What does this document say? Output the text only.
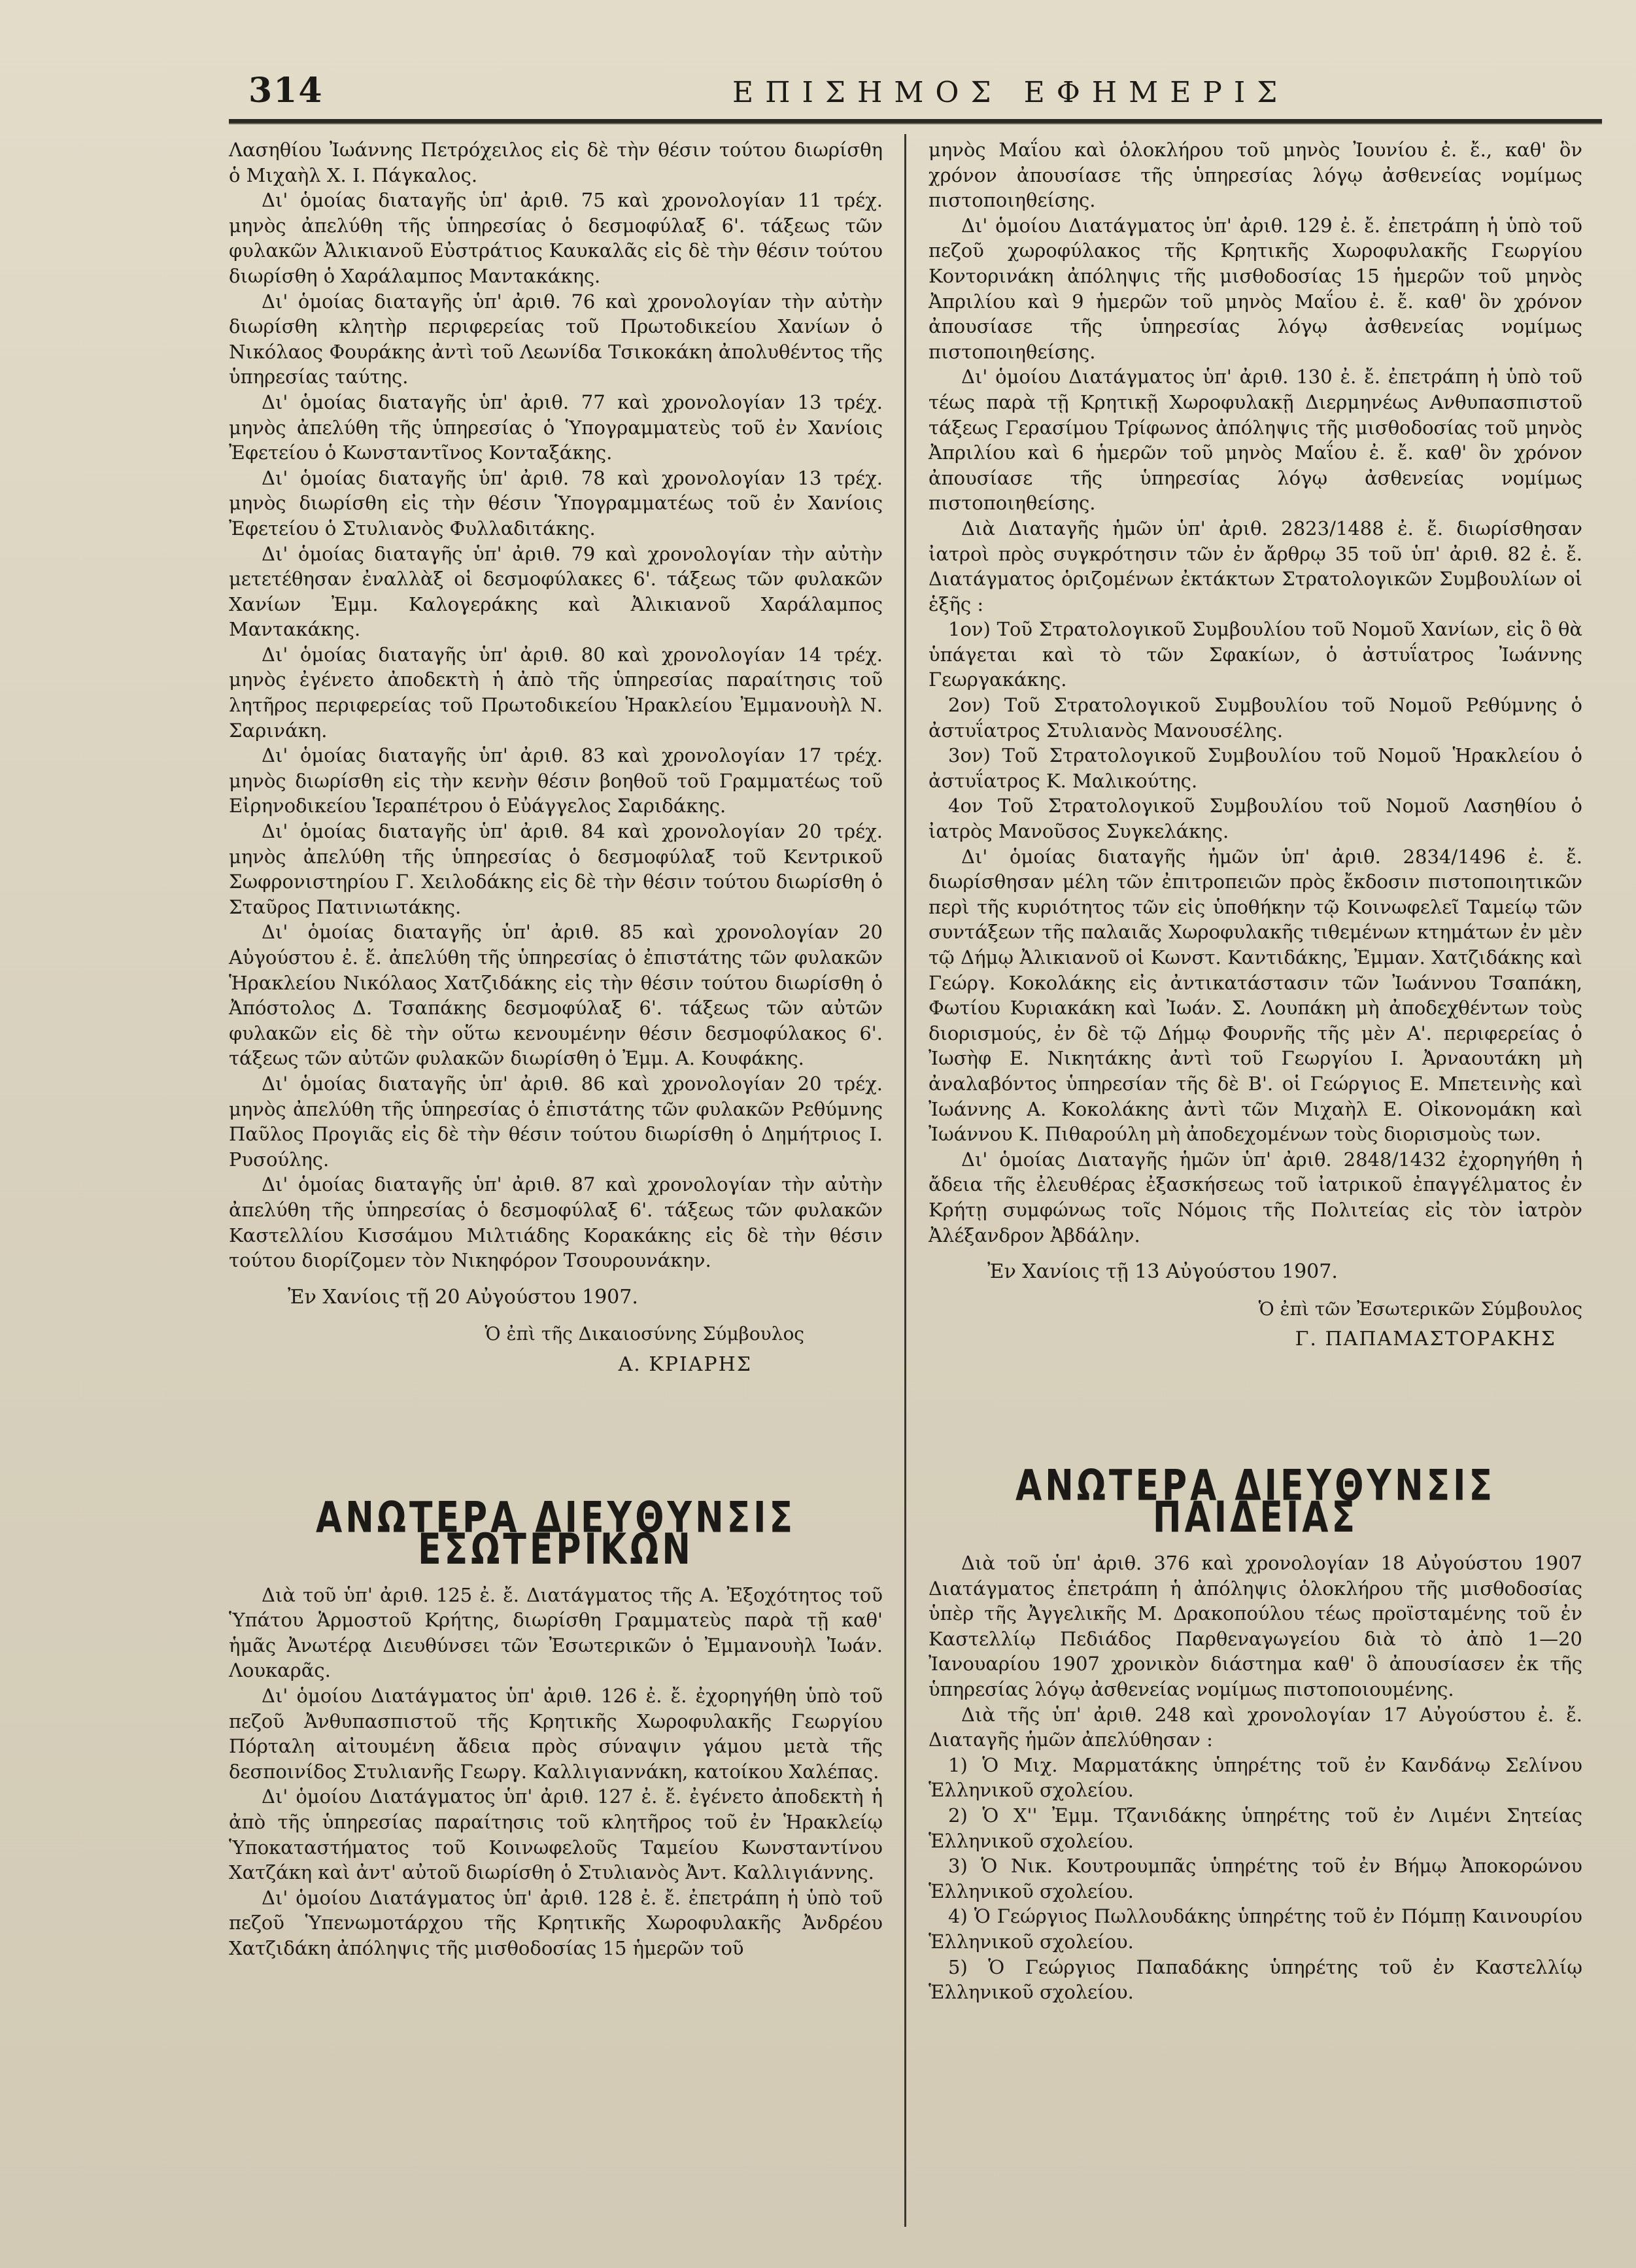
314	ΕΠΙΣΗΜΟΣ ΕΦΗΜΕΡΙΣ

Λασηθίου Ἰωάννης Πετρόχειλος εἰς δὲ τὴν θέσιν τούτου διωρίσθη ὁ Μιχαὴλ Χ. Ι. Πάγκαλος.

Δι' ὁμοίας διαταγῆς ὑπ' ἀριθ. 75 καὶ χρονολογίαν 11 τρέχ. μηνὸς ἀπελύθη τῆς ὑπηρεσίας ὁ δεσμοφύλαξ 6'. τάξεως τῶν φυλακῶν Ἀλικιανοῦ Εὐστράτιος Καυκαλᾶς εἰς δὲ τὴν θέσιν τούτου διωρίσθη ὁ Χαράλαμπος Μαντακάκης.

Δι' ὁμοίας διαταγῆς ὑπ' ἀριθ. 76 καὶ χρονολογίαν τὴν αὐτὴν διωρίσθη κλητὴρ περιφερείας τοῦ Πρωτοδικείου Χανίων ὁ Νικόλαος Φουράκης ἀντὶ τοῦ Λεωνίδα Τσικοκάκη ἀπολυθέντος τῆς ὑπηρεσίας ταύτης.

Δι' ὁμοίας διαταγῆς ὑπ' ἀριθ. 77 καὶ χρονολογίαν 13 τρέχ. μηνὸς ἀπελύθη τῆς ὑπηρεσίας ὁ Ὑπογραμματεὺς τοῦ ἐν Χανίοις Ἐφετείου ὁ Κωνσταντῖνος Κονταξάκης.

Δι' ὁμοίας διαταγῆς ὑπ' ἀριθ. 78 καὶ χρονολογίαν 13 τρέχ. μηνὸς διωρίσθη εἰς τὴν θέσιν Ὑπογραμματέως τοῦ ἐν Χανίοις Ἐφετείου ὁ Στυλιανὸς Φυλλαδιτάκης.

Δι' ὁμοίας διαταγῆς ὑπ' ἀριθ. 79 καὶ χρονολογίαν τὴν αὐτὴν μετετέθησαν ἐναλλὰξ οἱ δεσμοφύλακες 6'. τάξεως τῶν φυλακῶν Χανίων Ἐμμ. Καλογεράκης καὶ Ἀλικιανοῦ Χαράλαμπος Μαντακάκης.

Δι' ὁμοίας διαταγῆς ὑπ' ἀριθ. 80 καὶ χρονολογίαν 14 τρέχ. μηνὸς ἐγένετο ἀποδεκτὴ ἡ ἀπὸ τῆς ὑπηρεσίας παραίτησις τοῦ λητῆρος περιφερείας τοῦ Πρωτοδικείου Ἡρακλείου Ἐμμανουὴλ Ν. Σαρινάκη.

Δι' ὁμοίας διαταγῆς ὑπ' ἀριθ. 83 καὶ χρονολογίαν 17 τρέχ. μηνὸς διωρίσθη εἰς τὴν κενὴν θέσιν βοηθοῦ τοῦ Γραμματέως τοῦ Εἰρηνοδικείου Ἱεραπέτρου ὁ Εὐάγγελος Σαριδάκης.

Δι' ὁμοίας διαταγῆς ὑπ' ἀριθ. 84 καὶ χρονολογίαν 20 τρέχ. μηνὸς ἀπελύθη τῆς ὑπηρεσίας ὁ δεσμοφύλαξ τοῦ Κεντρικοῦ Σωφρονιστηρίου Γ. Χειλοδάκης εἰς δὲ τὴν θέσιν τούτου διωρίσθη ὁ Σταῦρος Πατινιωτάκης.

Δι' ὁμοίας διαταγῆς ὑπ' ἀριθ. 85 καὶ χρονολογίαν 20 Αὐγούστου ἐ. ἔ. ἀπελύθη τῆς ὑπηρεσίας ὁ ἐπιστάτης τῶν φυλακῶν Ἡρακλείου Νικόλαος Χατζιδάκης εἰς τὴν θέσιν τούτου διωρίσθη ὁ Ἀπόστολος Δ. Τσαπάκης δεσμοφύλαξ 6'. τάξεως τῶν αὐτῶν φυλακῶν εἰς δὲ τὴν οὕτω κενουμένην θέσιν δεσμοφύλακος 6'. τάξεως τῶν αὐτῶν φυλακῶν διωρίσθη ὁ Ἐμμ. Α. Κουφάκης.

Δι' ὁμοίας διαταγῆς ὑπ' ἀριθ. 86 καὶ χρονολογίαν 20 τρέχ. μηνὸς ἀπελύθη τῆς ὑπηρεσίας ὁ ἐπιστάτης τῶν φυλακῶν Ρεθύμνης Παῦλος Προγιᾶς εἰς δὲ τὴν θέσιν τούτου διωρίσθη ὁ Δημήτριος Ι. Ρυσούλης.

Δι' ὁμοίας διαταγῆς ὑπ' ἀριθ. 87 καὶ χρονολογίαν τὴν αὐτὴν ἀπελύθη τῆς ὑπηρεσίας ὁ δεσμοφύλαξ 6'. τάξεως τῶν φυλακῶν Καστελλίου Κισσάμου Μιλτιάδης Κορακάκης εἰς δὲ τὴν θέσιν τούτου διορίζομεν τὸν Νικηφόρον Τσουρουνάκην.

Ἐν Χανίοις τῇ 20 Αὐγούστου 1907.

Ὁ ἐπὶ τῆς Δικαιοσύνης Σύμβουλος

Α. ΚΡΙΑΡΗΣ

ΑΝΩΤΕΡΑ ΔΙΕΥΘΥΝΣΙΣ ΕΣΩΤΕΡΙΚΩΝ

Διὰ τοῦ ὑπ' ἀριθ. 125 ἐ. ἔ. Διατάγματος τῆς Α. Ἐξοχότητος τοῦ Ὑπάτου Ἁρμοστοῦ Κρήτης, διωρίσθη Γραμματεὺς παρὰ τῇ καθ' ἡμᾶς Ἀνωτέρᾳ Διευθύνσει τῶν Ἐσωτερικῶν ὁ Ἐμμανουὴλ Ἰωάν. Λουκαρᾶς.

Δι' ὁμοίου Διατάγματος ὑπ' ἀριθ. 126 ἐ. ἔ. ἐχορηγήθη ὑπὸ τοῦ πεζοῦ Ἀνθυπασπιστοῦ τῆς Κρητικῆς Χωροφυλακῆς Γεωργίου Πόρταλη αἰτουμένη ἄδεια πρὸς σύναψιν γάμου μετὰ τῆς δεσποινίδος Στυλιανῆς Γεωργ. Καλλιγιαννάκη, κατοίκου Χαλέπας.

Δι' ὁμοίου Διατάγματος ὑπ' ἀριθ. 127 ἐ. ἔ. ἐγένετο ἀποδεκτὴ ἡ ἀπὸ τῆς ὑπηρεσίας παραίτησις τοῦ κλητῆρος τοῦ ἐν Ἡρακλείῳ Ὑποκαταστήματος τοῦ Κοινωφελοῦς Ταμείου Κωνσταντίνου Χατζάκη καὶ ἀντ' αὐτοῦ διωρίσθη ὁ Στυλιανὸς Ἀντ. Καλλιγιάννης.

Δι' ὁμοίου Διατάγματος ὑπ' ἀριθ. 128 ἐ. ἔ. ἐπετράπη ἡ ὑπὸ τοῦ πεζοῦ Ὑπενωμοτάρχου τῆς Κρητικῆς Χωροφυλακῆς Ἀνδρέου Χατζιδάκη ἀπόληψις τῆς μισθοδοσίας 15 ἡμερῶν τοῦ

μηνὸς Μαΐου καὶ ὁλοκλήρου τοῦ μηνὸς Ἰουνίου ἐ. ἔ., καθ' ὃν χρόνον ἀπουσίασε τῆς ὑπηρεσίας λόγῳ ἀσθενείας νομίμως πιστοποιηθείσης.

Δι' ὁμοίου Διατάγματος ὑπ' ἀριθ. 129 ἐ. ἔ. ἐπετράπη ἡ ὑπὸ τοῦ πεζοῦ χωροφύλακος τῆς Κρητικῆς Χωροφυλακῆς Γεωργίου Κοντορινάκη ἀπόληψις τῆς μισθοδοσίας 15 ἡμερῶν τοῦ μηνὸς Ἀπριλίου καὶ 9 ἡμερῶν τοῦ μηνὸς Μαΐου ἐ. ἔ. καθ' ὃν χρόνον ἀπουσίασε τῆς ὑπηρεσίας λόγῳ ἀσθενείας νομίμως πιστοποιηθείσης.

Δι' ὁμοίου Διατάγματος ὑπ' ἀριθ. 130 ἐ. ἔ. ἐπετράπη ἡ ὑπὸ τοῦ τέως παρὰ τῇ Κρητικῇ Χωροφυλακῇ Διερμηνέως Ανθυπασπιστοῦ τάξεως Γερασίμου Τρίφωνος ἀπόληψις τῆς μισθοδοσίας τοῦ μηνὸς Ἀπριλίου καὶ 6 ἡμερῶν τοῦ μηνὸς Μαΐου ἐ. ἔ. καθ' ὃν χρόνον ἀπουσίασε τῆς ὑπηρεσίας λόγῳ ἀσθενείας νομίμως πιστοποιηθείσης.

Διὰ Διαταγῆς ἡμῶν ὑπ' ἀριθ. 2823/1488 ἐ. ἔ. διωρίσθησαν ἰατροὶ πρὸς συγκρότησιν τῶν ἐν ἄρθρῳ 35 τοῦ ὑπ' ἀριθ. 82 ἐ. ἔ. Διατάγματος ὁριζομένων ἐκτάκτων Στρατολογικῶν Συμβουλίων οἱ ἑξῆς :

1ον) Τοῦ Στρατολογικοῦ Συμβουλίου τοῦ Νομοῦ Χανίων, εἰς ὃ θὰ ὑπάγεται καὶ τὸ τῶν Σφακίων, ὁ ἀστυΐατρος Ἰωάννης Γεωργακάκης.

2ον) Τοῦ Στρατολογικοῦ Συμβουλίου τοῦ Νομοῦ Ρεθύμνης ὁ ἀστυΐατρος Στυλιανὸς Μανουσέλης.

3ον) Τοῦ Στρατολογικοῦ Συμβουλίου τοῦ Νομοῦ Ἡρακλείου ὁ ἀστυΐατρος Κ. Μαλικούτης.

4ον Τοῦ Στρατολογικοῦ Συμβουλίου τοῦ Νομοῦ Λασηθίου ὁ ἰατρὸς Μανοῦσος Συγκελάκης.

Δι' ὁμοίας διαταγῆς ἡμῶν ὑπ' ἀριθ. 2834/1496 ἐ. ἔ. διωρίσθησαν μέλη τῶν ἐπιτροπειῶν πρὸς ἔκδοσιν πιστοποιητικῶν περὶ τῆς κυριότητος τῶν εἰς ὑποθήκην τῷ Κοινωφελεῖ Ταμείῳ τῶν συντάξεων τῆς παλαιᾶς Χωροφυλακῆς τιθεμένων κτημάτων ἐν μὲν τῷ Δήμῳ Ἀλικιανοῦ οἱ Κωνστ. Καντιδάκης, Ἐμμαν. Χατζιδάκης καὶ Γεώργ. Κοκολάκης εἰς ἀντικατάστασιν τῶν Ἰωάννου Τσαπάκη, Φωτίου Κυριακάκη καὶ Ἰωάν. Σ. Λουπάκη μὴ ἀποδεχθέντων τοὺς διορισμούς, ἐν δὲ τῷ Δήμῳ Φουρνῆς τῆς μὲν Α'. περιφερείας ὁ Ἰωσὴφ Ε. Νικητάκης ἀντὶ τοῦ Γεωργίου Ι. Ἀρναουτάκη μὴ ἀναλαβόντος ὑπηρεσίαν τῆς δὲ Β'. οἱ Γεώργιος Ε. Μπετεινὴς καὶ Ἰωάννης Α. Κοκολάκης ἀντὶ τῶν Μιχαὴλ Ε. Οἰκονομάκη καὶ Ἰωάννου Κ. Πιθαρούλη μὴ ἀποδεχομένων τοὺς διορισμοὺς των.

Δι' ὁμοίας Διαταγῆς ἡμῶν ὑπ' ἀριθ. 2848/1432 ἐχορηγήθη ἡ ἄδεια τῆς ἐλευθέρας ἐξασκήσεως τοῦ ἰατρικοῦ ἐπαγγέλματος ἐν Κρήτῃ συμφώνως τοῖς Νόμοις τῆς Πολιτείας εἰς τὸν ἰατρὸν Ἀλέξανδρον Ἀβδάλην.

Ἐν Χανίοις τῇ 13 Αὐγούστου 1907.

Ὁ ἐπὶ τῶν Ἐσωτερικῶν Σύμβουλος

Γ. ΠΑΠΑΜΑΣΤΟΡΑΚΗΣ

ΑΝΩΤΕΡΑ ΔΙΕΥΘΥΝΣΙΣ ΠΑΙΔΕΙΑΣ

Διὰ τοῦ ὑπ' ἀριθ. 376 καὶ χρονολογίαν 18 Αὐγούστου 1907 Διατάγματος ἐπετράπη ἡ ἀπόληψις ὁλοκλήρου τῆς μισθοδοσίας ὑπὲρ τῆς Ἀγγελικῆς Μ. Δρακοπούλου τέως προϊσταμένης τοῦ ἐν Καστελλίῳ Πεδιάδος Παρθεναγωγείου διὰ τὸ ἀπὸ 1—20 Ἰανουαρίου 1907 χρονικὸν διάστημα καθ' ὃ ἀπουσίασεν ἐκ τῆς ὑπηρεσίας λόγῳ ἀσθενείας νομίμως πιστοποιουμένης.

Διὰ τῆς ὑπ' ἀριθ. 248 καὶ χρονολογίαν 17 Αὐγούστου ἐ. ἔ. Διαταγῆς ἡμῶν ἀπελύθησαν :

1) Ὁ Μιχ. Μαρματάκης ὑπηρέτης τοῦ ἐν Κανδάνῳ Σελίνου Ἑλληνικοῦ σχολείου.

2) Ὁ Χ'' Ἐμμ. Τζανιδάκης ὑπηρέτης τοῦ ἐν Λιμένι Σητείας Ἑλληνικοῦ σχολείου.

3) Ὁ Νικ. Κουτρουμπᾶς ὑπηρέτης τοῦ ἐν Βήμῳ Ἀποκορώνου Ἑλληνικοῦ σχολείου.

4) Ὁ Γεώργιος Πωλλουδάκης ὑπηρέτης τοῦ ἐν Πόμπῃ Καινουρίου Ἑλληνικοῦ σχολείου.

5) Ὁ Γεώργιος Παπαδάκης ὑπηρέτης τοῦ ἐν Καστελλίῳ Ἑλληνικοῦ σχολείου.
